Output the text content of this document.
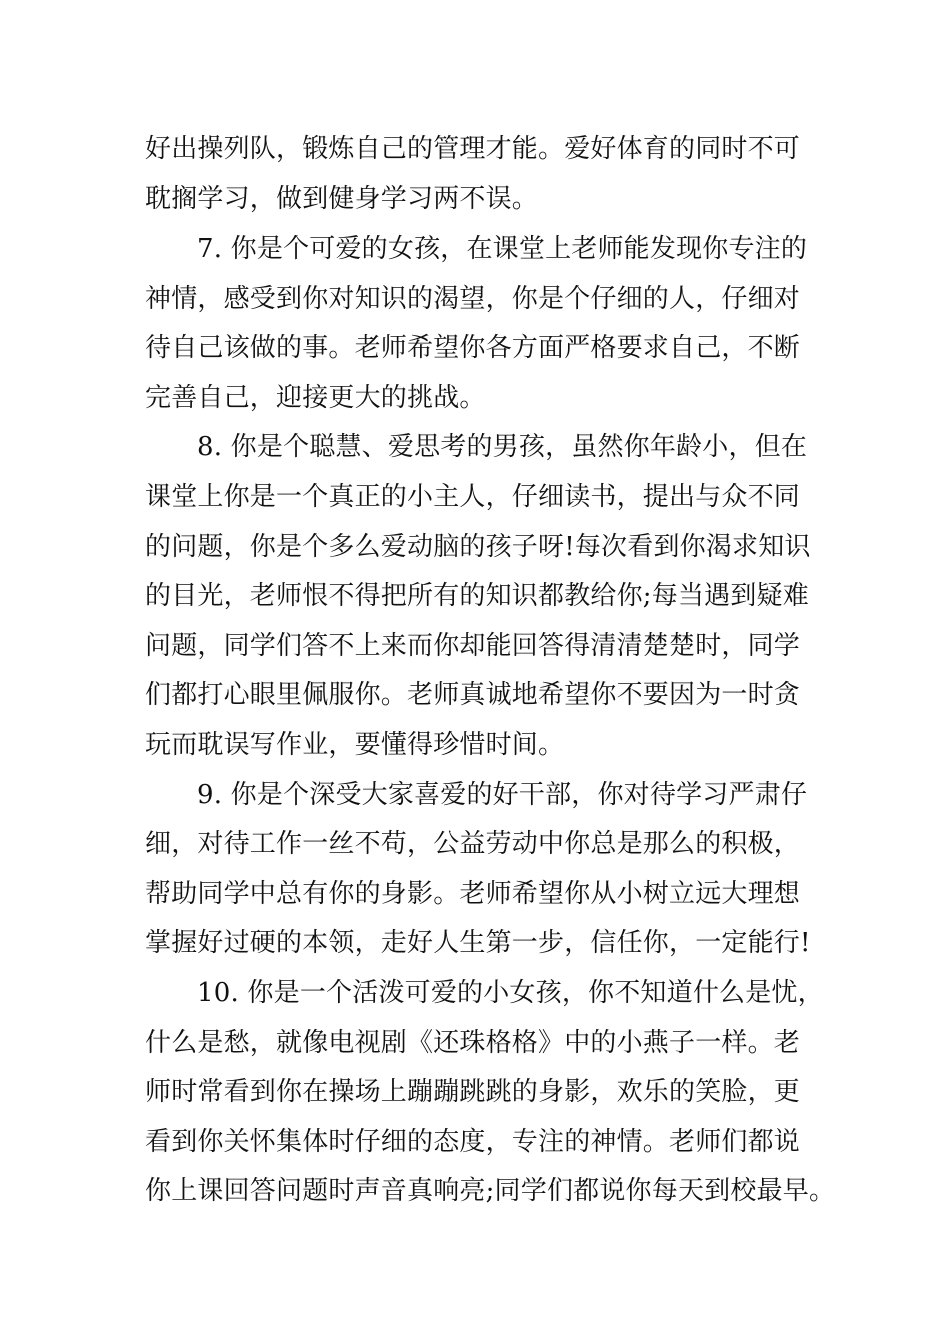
好出操列队，锻炼自己的管理才能。爱好体育的同时不可
耽搁学习，做到健身学习两不误。
7. 你是个可爱的女孩，在课堂上老师能发现你专注的
神情，感受到你对知识的渴望，你是个仔细的人，仔细对
待自己该做的事。老师希望你各方面严格要求自己，不断
完善自己，迎接更大的挑战。
8. 你是个聪慧、爱思考的男孩，虽然你年龄小，但在
课堂上你是一个真正的小主人，仔细读书，提出与众不同
的问题，你是个多么爱动脑的孩子呀!每次看到你渴求知识
的目光，老师恨不得把所有的知识都教给你;每当遇到疑难
问题，同学们答不上来而你却能回答得清清楚楚时，同学
们都打心眼里佩服你。老师真诚地希望你不要因为一时贪
玩而耽误写作业，要懂得珍惜时间。
9. 你是个深受大家喜爱的好干部，你对待学习严肃仔
细，对待工作一丝不苟，公益劳动中你总是那么的积极，
帮助同学中总有你的身影。老师希望你从小树立远大理想
掌握好过硬的本领，走好人生第一步，信任你，一定能行!
10. 你是一个活泼可爱的小女孩，你不知道什么是忧，
什么是愁，就像电视剧《还珠格格》中的小燕子一样。老
师时常看到你在操场上蹦蹦跳跳的身影，欢乐的笑脸，更
看到你关怀集体时仔细的态度，专注的神情。老师们都说
你上课回答问题时声音真响亮;同学们都说你每天到校最早。
